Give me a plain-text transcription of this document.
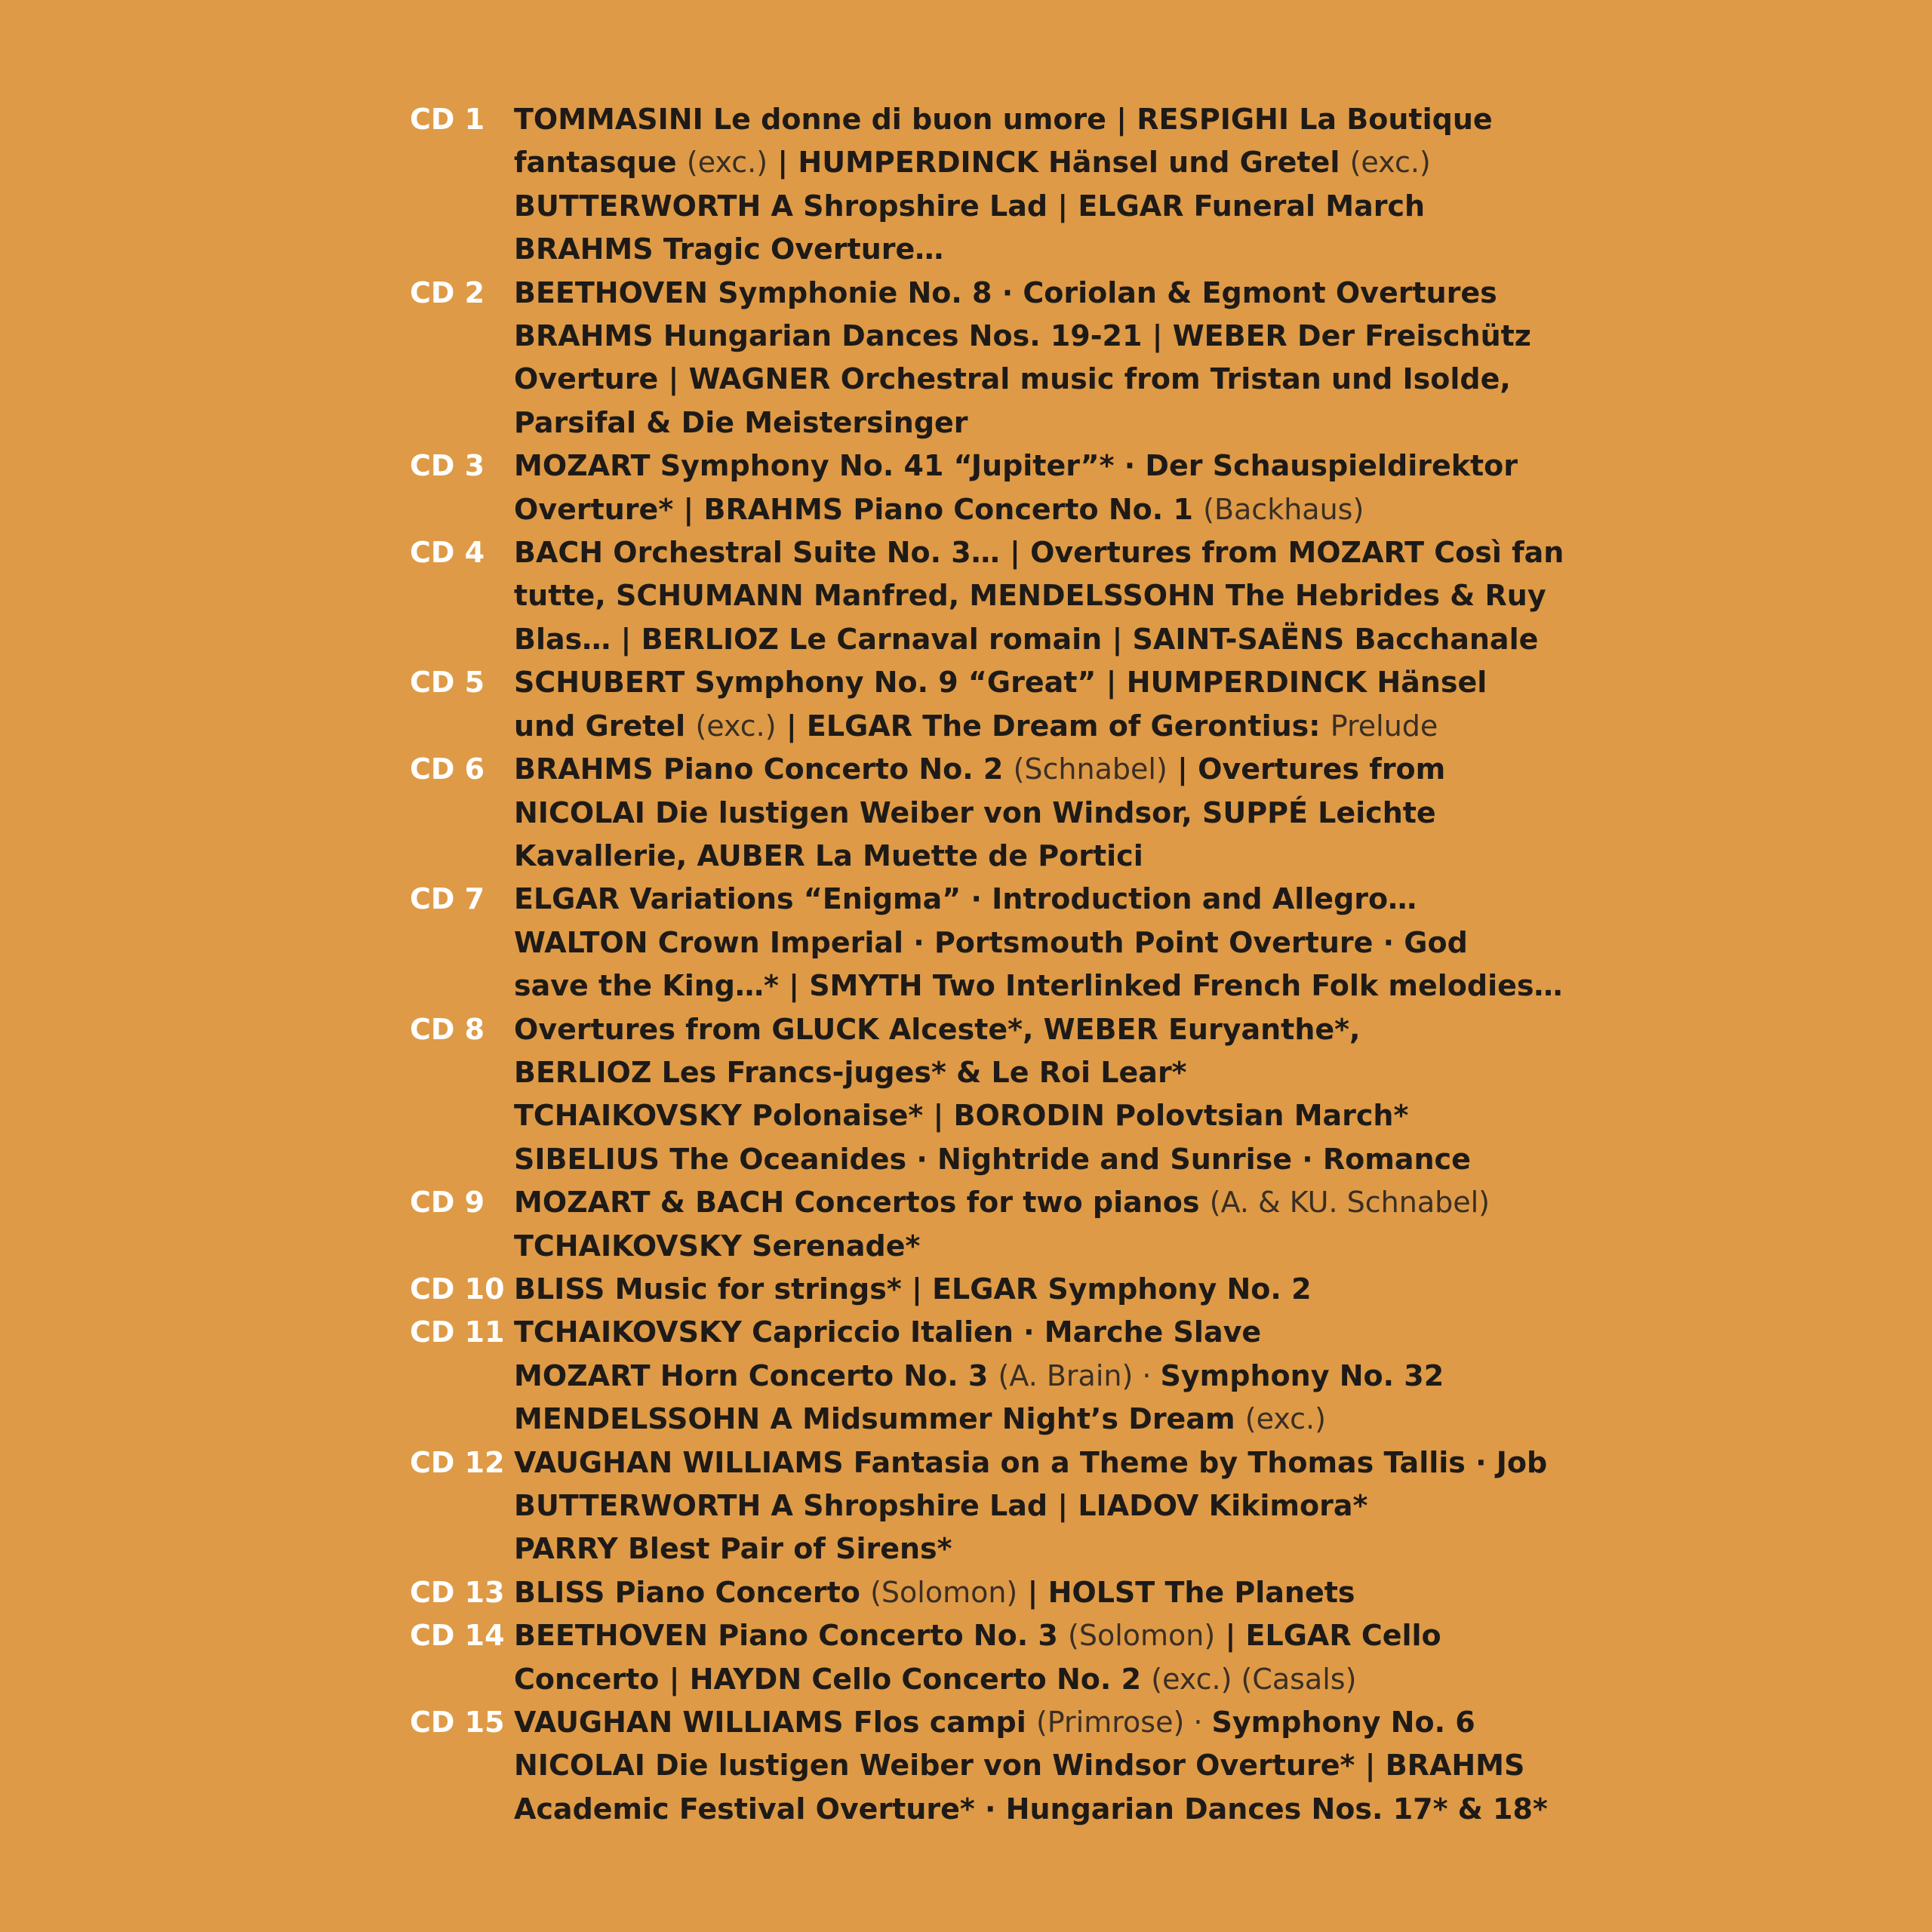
CD 1	TOMMASINI Le donne di buon umore | RESPIGHI La Boutique
fantasque (exc.) | HUMPERDINCK Hänsel und Gretel (exc.)
BUTTERWORTH A Shropshire Lad | ELGAR Funeral March
BRAHMS Tragic Overture…
CD 2	BEETHOVEN Symphonie No. 8 · Coriolan & Egmont Overtures
BRAHMS Hungarian Dances Nos. 19-21 | WEBER Der Freischütz
Overture | WAGNER Orchestral music from Tristan und Isolde,
Parsifal & Die Meistersinger
CD 3	MOZART Symphony No. 41 “Jupiter”* · Der Schauspieldirektor
Overture* | BRAHMS Piano Concerto No. 1 (Backhaus)
CD 4	BACH Orchestral Suite No. 3… | Overtures from MOZART Così fan
tutte, SCHUMANN Manfred, MENDELSSOHN The Hebrides & Ruy
Blas… | BERLIOZ Le Carnaval romain | SAINT-SAËNS Bacchanale
CD 5	SCHUBERT Symphony No. 9 “Great” | HUMPERDINCK Hänsel
und Gretel (exc.) | ELGAR The Dream of Gerontius: Prelude
CD 6	BRAHMS Piano Concerto No. 2 (Schnabel) | Overtures from
NICOLAI Die lustigen Weiber von Windsor, SUPPÉ Leichte
Kavallerie, AUBER La Muette de Portici
CD 7	ELGAR Variations “Enigma” · Introduction and Allegro…
WALTON Crown Imperial · Portsmouth Point Overture · God
save the King…* | SMYTH Two Interlinked French Folk melodies…
CD 8	Overtures from GLUCK Alceste*, WEBER Euryanthe*,
BERLIOZ Les Francs-juges* & Le Roi Lear*
TCHAIKOVSKY Polonaise* | BORODIN Polovtsian March*
SIBELIUS The Oceanides · Nightride and Sunrise · Romance
CD 9	MOZART & BACH Concertos for two pianos (A. & KU. Schnabel)
TCHAIKOVSKY Serenade*
CD 10 BLISS Music for strings* | ELGAR Symphony No. 2
CD 11 TCHAIKOVSKY Capriccio Italien · Marche Slave
MOZART Horn Concerto No. 3 (A. Brain) · Symphony No. 32
MENDELSSOHN A Midsummer Night’s Dream (exc.)
CD 12 VAUGHAN WILLIAMS Fantasia on a Theme by Thomas Tallis · Job
BUTTERWORTH A Shropshire Lad | LIADOV Kikimora*
PARRY Blest Pair of Sirens*
CD 13 BLISS Piano Concerto (Solomon) | HOLST The Planets
CD 14 BEETHOVEN Piano Concerto No. 3 (Solomon) | ELGAR Cello
Concerto | HAYDN Cello Concerto No. 2 (exc.) (Casals)
CD 15 VAUGHAN WILLIAMS Flos campi (Primrose) · Symphony No. 6
NICOLAI Die lustigen Weiber von Windsor Overture* | BRAHMS
Academic Festival Overture* · Hungarian Dances Nos. 17* & 18*
